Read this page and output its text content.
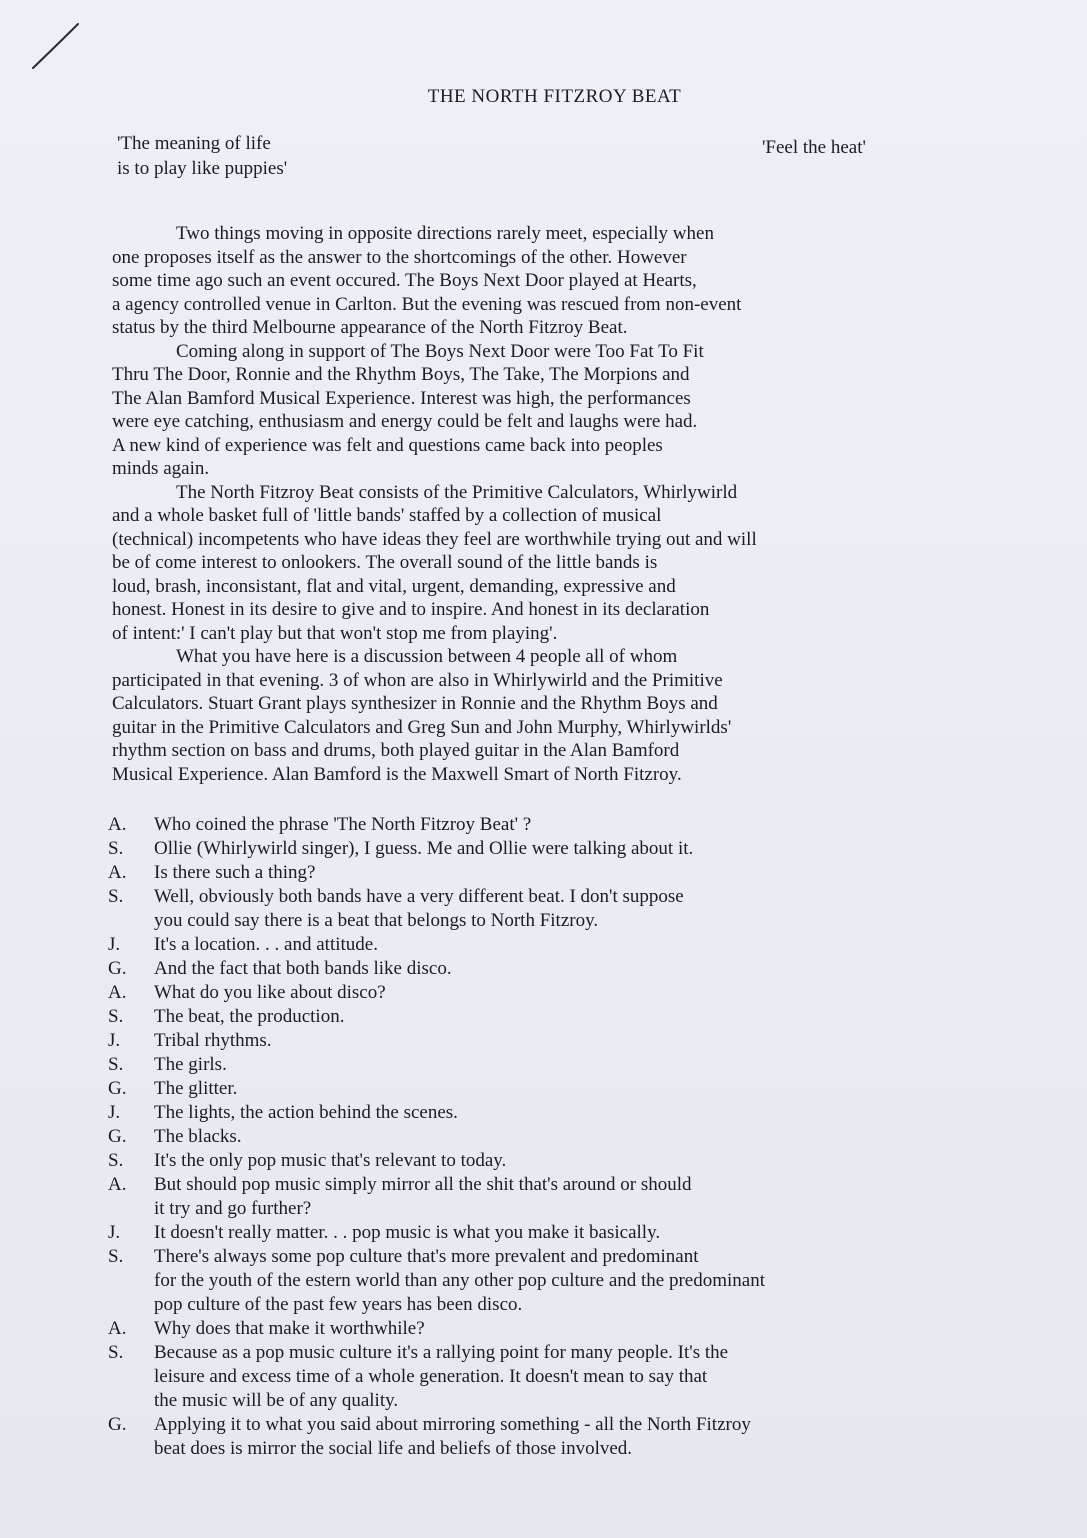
THE NORTH FITZROY BEAT
'The meaning of life
is to play like puppies'
'Feel the heat'
Two things moving in opposite directions rarely meet, especially when
one proposes itself as the answer to the shortcomings of the other. However
some time ago such an event occured. The Boys Next Door played at Hearts,
a agency controlled venue in Carlton. But the evening was rescued from non-event
status by the third Melbourne appearance of the North Fitzroy Beat.
Coming along in support of The Boys Next Door were Too Fat To Fit
Thru The Door, Ronnie and the Rhythm Boys, The Take, The Morpions and
The Alan Bamford Musical Experience. Interest was high, the performances
were eye catching, enthusiasm and energy could be felt and laughs were had.
A new kind of experience was felt and questions came back into peoples
minds again.
The North Fitzroy Beat consists of the Primitive Calculators, Whirlywirld
and a whole basket full of 'little bands' staffed by a collection of musical
(technical) incompetents who have ideas they feel are worthwhile trying out and will
be of come interest to onlookers. The overall sound of the little bands is
loud, brash, inconsistant, flat and vital, urgent, demanding, expressive and
honest. Honest in its desire to give and to inspire. And honest in its declaration
of intent:' I can't play but that won't stop me from playing'.
What you have here is a discussion between 4 people all of whom
participated in that evening. 3 of whon are also in Whirlywirld and the Primitive
Calculators. Stuart Grant plays synthesizer in Ronnie and the Rhythm Boys and
guitar in the Primitive Calculators and Greg Sun and John Murphy, Whirlywirlds'
rhythm section on bass and drums, both played guitar in the Alan Bamford
Musical Experience. Alan Bamford is the Maxwell Smart of North Fitzroy.
A.	Who coined the phrase 'The North Fitzroy Beat' ?
S.	Ollie (Whirlywirld singer), I guess. Me and Ollie were talking about it.
A.	Is there such a thing?
S.	Well, obviously both bands have a very different beat. I don't suppose
you could say there is a beat that belongs to North Fitzroy.
J.	It's a location. . . and attitude.
G.	And the fact that both bands like disco.
A.	What do you like about disco?
S.	The beat, the production.
J.	Tribal rhythms.
S.	The girls.
G.	The glitter.
J.	The lights, the action behind the scenes.
G.	The blacks.
S.	It's the only pop music that's relevant to today.
A.	But should pop music simply mirror all the shit that's around or should
it try and go further?
J.	It doesn't really matter. . . pop music is what you make it basically.
S.	There's always some pop culture that's more prevalent and predominant
for the youth of the estern world than any other pop culture and the predominant
pop culture of the past few years has been disco.
A.	Why does that make it worthwhile?
S.	Because as a pop music culture it's a rallying point for many people. It's the
leisure and excess time of a whole generation. It doesn't mean to say that
the music will be of any quality.
G.	Applying it to what you said about mirroring something - all the North Fitzroy
beat does is mirror the social life and beliefs of those involved.
